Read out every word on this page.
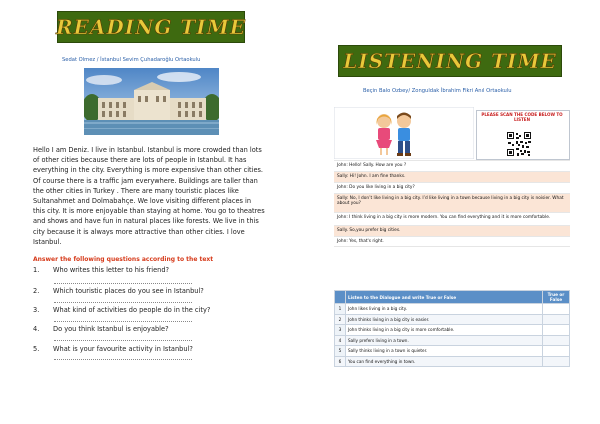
READING TIME
Sedat Olmez / İstanbul Sevim Çuhadaroğlu Ortaokulu
Hello I am Deniz. I live in Istanbul. Istanbul is more crowded than lots of other cities because there are lots of people in Istanbul. It has everything in the city. Everything is more expensive than other cities. Of course there is a traffic jam everywhere. Buildings are taller than the other cities in Turkey . There are many touristic places like Sultanahmet and Dolmabahçe. We love visiting different places in this city. It is more enjoyable than staying at home. You go to theatres and shows and have fun in natural places like forests. We live in this city because it is always more attractive than other cities. I love Istanbul.
Answer the following questions according to the text
1. Who writes this letter to his friend?
2. Which touristic places do you see in Istanbul?
3. What kind of activities do people do in the city?
4. Do you think Istanbul is enjoyable?
5. What is your favourite activity in Istanbul?
LISTENING TIME
Beçin Balo Ozbey/ Zonguldak İbrahim Fikri Anıl Ortaokulu
PLEASE SCAN THE CODE BELOW TO LISTEN
John: Hello! Sally. How are you ?
Sally: Hi! John. I am fine thanks.
John: Do you like living in a big city?
Sally: No, I don’t like living in a big city. I’d like living in a town because living in a big city is noisier. What about you?
John: I think living in a big city is more modern. You can find everything and it is more comfortable.
Sally. So,you prefer big cities.
John: Yes, that's right.
	Listen to the Dialogue and write True or False	True or False
1	John likes living in a big city.	
2	John thinks living in a big city is easier.	
3	John thinks living in a big city is more comfortable.	
4	Sally prefers living in a town.	
5	Sally thinks living in a town is quieter.	
6	You can find everything in town.	
